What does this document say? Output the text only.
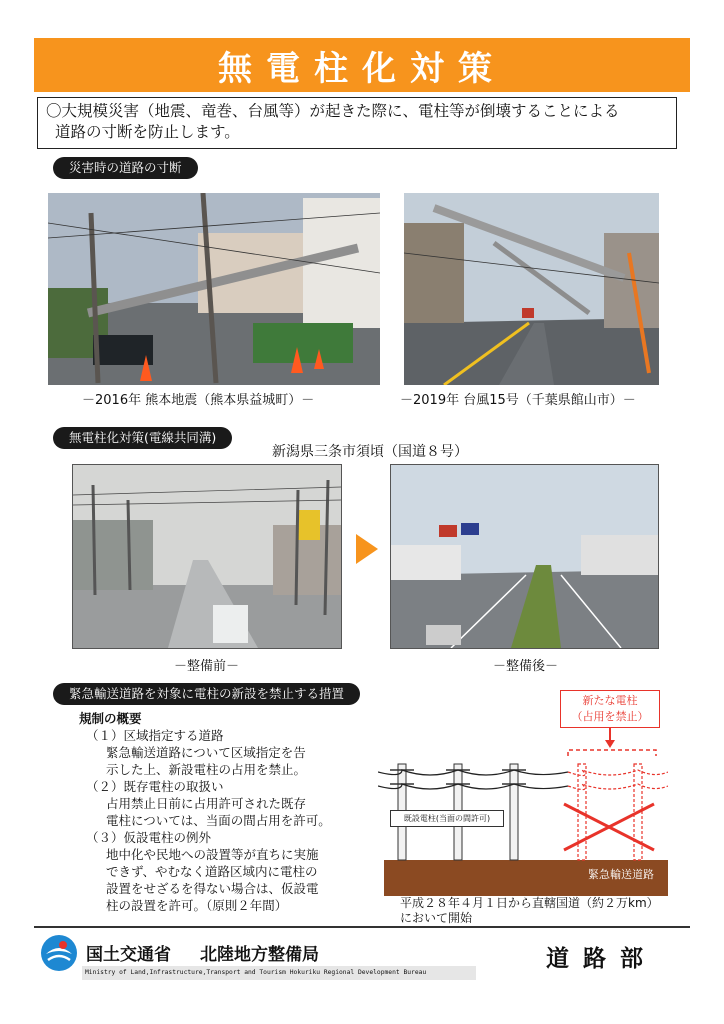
無電柱化対策
〇大規模災害（地震、竜巻、台風等）が起きた際に、電柱等が倒壊することによる
道路の寸断を防止します。
災害時の道路の寸断
－2016年 熊本地震（熊本県益城町）－	－2019年 台風15号（千葉県館山市）－
無電柱化対策(電線共同溝)
新潟県三条市須頃（国道８号）
－整備前－	－整備後－
緊急輸送道路を対象に電柱の新設を禁止する措置
規制の概要
（１）区域指定する道路
緊急輸送道路について区域指定を告
示した上、新設電柱の占用を禁止。
（２）既存電柱の取扱い
占用禁止日前に占用許可された既存
電柱については、当面の間占用を許可。
（３）仮設電柱の例外
地中化や民地への設置等が直ちに実施
できず、やむなく道路区域内に電柱の
設置をせざるを得ない場合は、仮設電
柱の設置を許可。（原則２年間）
新たな電柱
（占用を禁止）
既設電柱(当面の間許可)
緊急輸送道路
平成２８年４月１日から直轄国道（約２万km）
において開始
国土交通省 北陸地方整備局
Ministry of Land,Infrastructure,Transport and Tourism Hokuriku Regional Development Bureau
道路部
